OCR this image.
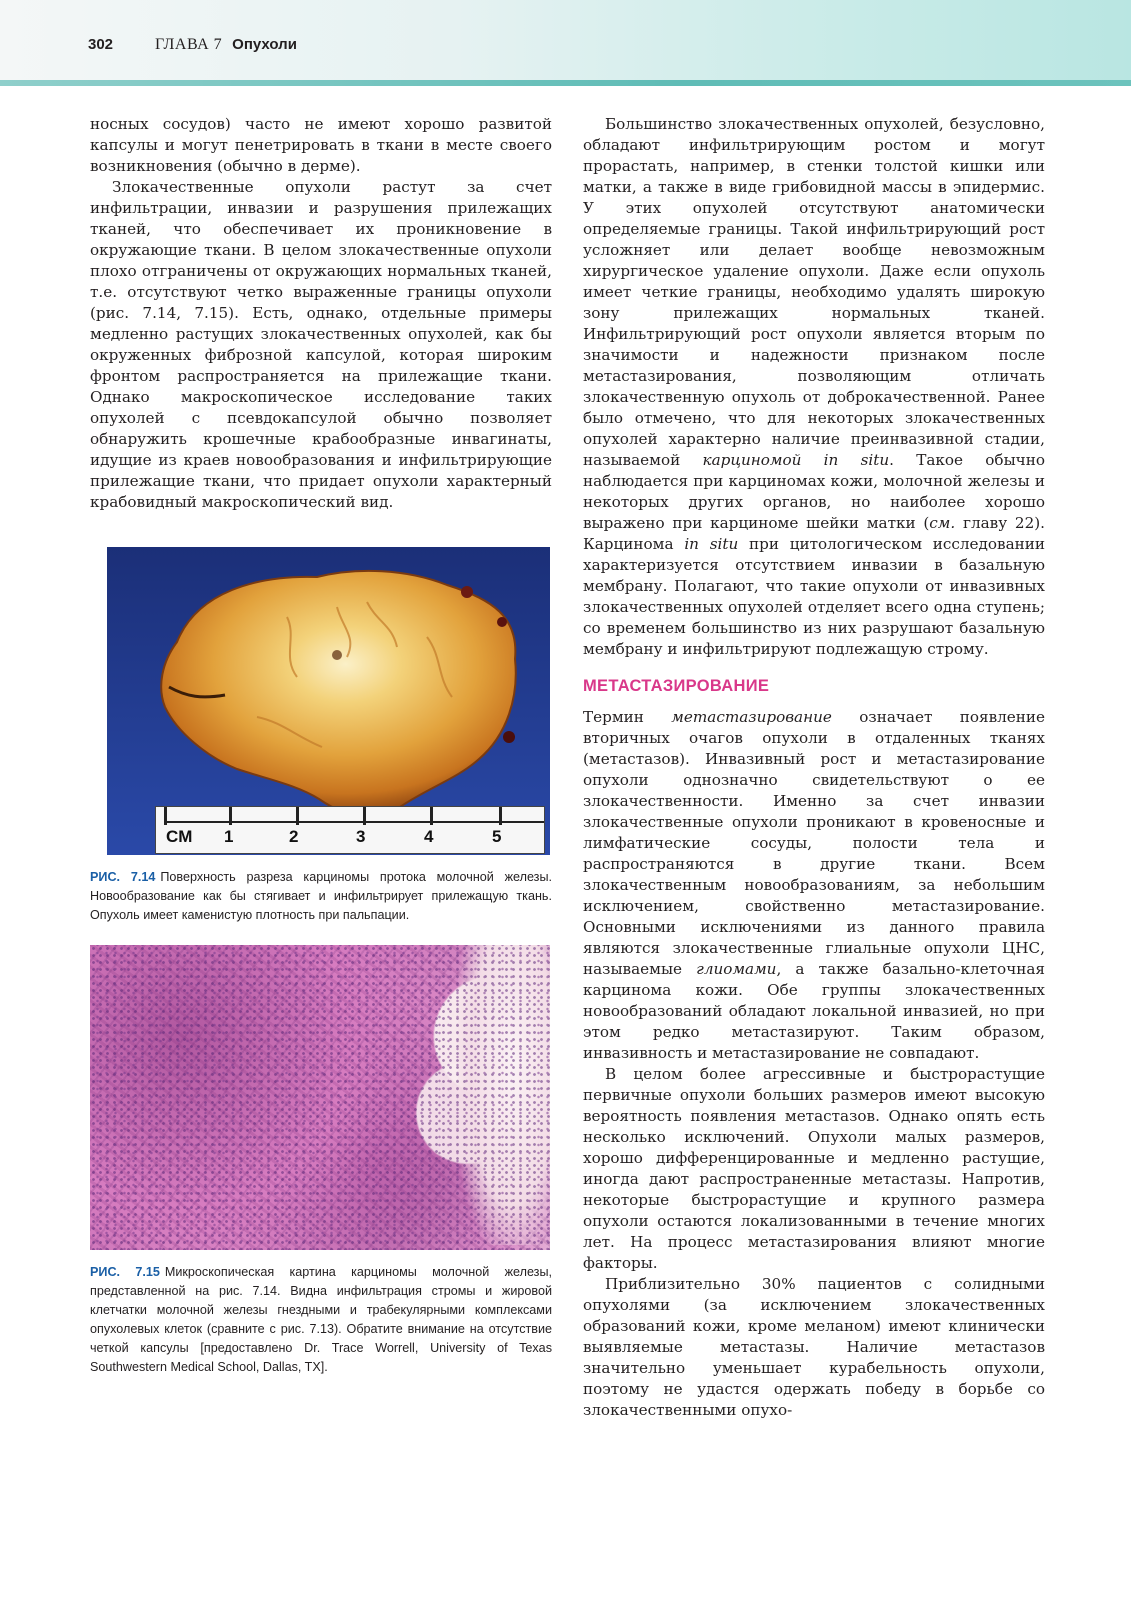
302	ГЛАВА 7 Опухоли

носных сосудов) часто не имеют хорошо развитой капсулы и могут пенетрировать в ткани в месте своего возникновения (обычно в дерме).

Злокачественные опухоли растут за счет инфильтрации, инвазии и разрушения прилежащих тканей, что обеспечивает их проникновение в окружающие ткани. В целом злокачественные опухоли плохо отграничены от окружающих нормальных тканей, т.е. отсутствуют четко выраженные границы опухоли (рис. 7.14, 7.15). Есть, однако, отдельные примеры медленно растущих злокачественных опухолей, как бы окруженных фиброзной капсулой, которая широким фронтом распространяется на прилежащие ткани. Однако макроскопическое исследование таких опухолей с псевдокапсулой обычно позволяет обнаружить крошечные крабообразные инвагинаты, идущие из краев новообразования и инфильтрирующие прилежащие ткани, что придает опухоли характерный крабовидный макроскопический вид.

CM 1	2	3	4	5
РИС. 7.14 Поверхность разреза карциномы протока молочной железы. Новообразование как бы стягивает и инфильтрирует прилежащую ткань. Опухоль имеет каменистую плотность при пальпации.
РИС. 7.15 Микроскопическая картина карциномы молочной железы, представленной на рис. 7.14. Видна инфильтрация стромы и жировой клетчатки молочной железы гнездными и трабекулярными комплексами опухолевых клеток (сравните с рис. 7.13). Обратите внимание на отсутствие четкой капсулы [предоставлено Dr. Trace Worrell, University of Texas Southwestern Medical School, Dallas, TX].

Большинство злокачественных опухолей, безусловно, обладают инфильтрирующим ростом и могут прорастать, например, в стенки толстой кишки или матки, а также в виде грибовидной массы в эпидермис. У этих опухолей отсутствуют анатомически определяемые границы. Такой инфильтрирующий рост усложняет или делает вообще невозможным хирургическое удаление опухоли. Даже если опухоль имеет четкие границы, необходимо удалять широкую зону прилежащих нормальных тканей. Инфильтрирующий рост опухоли является вторым по значимости и надежности признаком после метастазирования, позволяющим отличать злокачественную опухоль от доброкачественной. Ранее было отмечено, что для некоторых злокачественных опухолей характерно наличие преинвазивной стадии, называемой карциномой in situ. Такое обычно наблюдается при карциномах кожи, молочной железы и некоторых других органов, но наиболее хорошо выражено при карциноме шейки матки (см. главу 22). Карцинома in situ при цитологическом исследовании характеризуется отсутствием инвазии в базальную мембрану. Полагают, что такие опухоли от инвазивных злокачественных опухолей отделяет всего одна ступень; со временем большинство из них разрушают базальную мембрану и инфильтрируют подлежащую строму.

МЕТАСТАЗИРОВАНИЕ

Термин метастазирование означает появление вторичных очагов опухоли в отдаленных тканях (метастазов). Инвазивный рост и метастазирование опухоли однозначно свидетельствуют о ее злокачественности. Именно за счет инвазии злокачественные опухоли проникают в кровеносные и лимфатические сосуды, полости тела и распространяются в другие ткани. Всем злокачественным новообразованиям, за небольшим исключением, свойственно метастазирование. Основными исключениями из данного правила являются злокачественные глиальные опухоли ЦНС, называемые глиомами, а также базально-клеточная карцинома кожи. Обе группы злокачественных новообразований обладают локальной инвазией, но при этом редко метастазируют. Таким образом, инвазивность и метастазирование не совпадают.

В целом более агрессивные и быстрорастущие первичные опухоли больших размеров имеют высокую вероятность появления метастазов. Однако опять есть несколько исключений. Опухоли малых размеров, хорошо дифференцированные и медленно растущие, иногда дают распространенные метастазы. Напротив, некоторые быстрорастущие и крупного размера опухоли остаются локализованными в течение многих лет. На процесс метастазирования влияют многие факторы.

Приблизительно 30% пациентов с солидными опухолями (за исключением злокачественных образований кожи, кроме меланом) имеют клинически выявляемые метастазы. Наличие метастазов значительно уменьшает курабельность опухоли, поэтому не удастся одержать победу в борьбе со злокачественными опухо-
